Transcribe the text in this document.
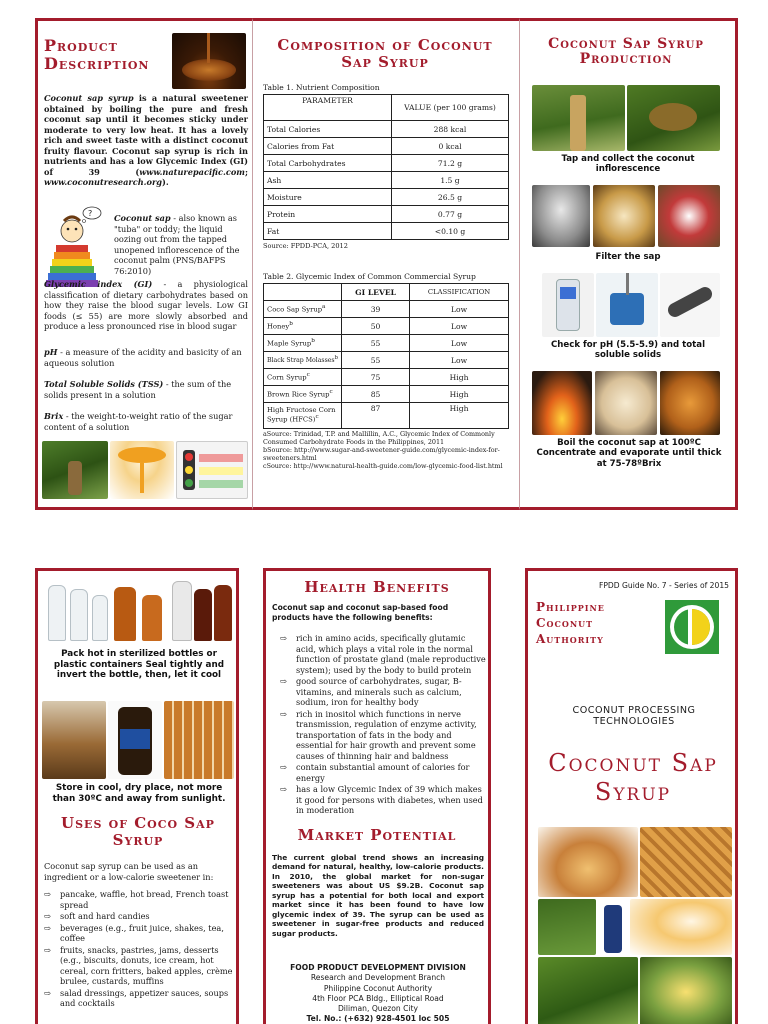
Product Description
Coconut sap syrup is a natural sweetener obtained by boiling the pure and fresh coconut sap until it becomes sticky under moderate to very low heat. It has a lovely rich and sweet taste with a distinct coconut fruity flavour. Coconut sap syrup is rich in nutrients and has a low Glycemic Index (GI) of 39 (www.naturepacific.com; www.coconutresearch.org).
?	Coconut sap - also known as "tuba" or toddy; the liquid oozing out from the tapped unopened inflorescence of the coconut palm (PNS/BAFPS 76:2010)
Glycemic index (GI) - a physiological classification of dietary carbohydrates based on how they raise the blood sugar levels. Low GI foods (≤ 55) are more slowly absorbed and produce a less pronounced rise in blood sugar
pH - a measure of the acidity and basicity of an aqueous solution
Total Soluble Solids (TSS) - the sum of the solids present in a solution
Brix - the weight-to-weight ratio of the sugar content of a solution
Composition of Coconut Sap Syrup
Table 1. Nutrient Composition
PARAMETER	VALUE (per 100 grams)
Total Calories	288 kcal
Calories from Fat	0 kcal
Total Carbohydrates	71.2 g
Ash	1.5 g
Moisture	26.5 g
Protein	0.77 g
Fat	<0.10 g
Source: FPDD-PCA, 2012
Table 2. Glycemic Index of Common Commercial Syrup
	GI LEVEL	CLASSIFICATION
Coco Sap Syrup$^a$	39	Low
Honey$^b$	50	Low
Maple Syrup$^b$	55	Low
Black Strap Molasses$^b$	55	Low
Corn Syrup$^c$	75	High
Brown Rice Syrup$^c$	85	High
High Fructose Corn Syrup (HFCS)$^c$	87	High
aSource: Trinidad, T.P. and Mallillin, A.C., Glycemic Index of Commonly Consumed Carbohydrate Foods in the Philippines, 2011
bSource: http://www.sugar-and-sweetener-guide.com/glycemic-index-for-sweeteners.html
cSource: http://www.natural-health-guide.com/low-glycemic-food-list.html
Coconut Sap Syrup Production
Tap and collect the coconut inflorescence
Filter the sap
Check for pH (5.5-5.9) and total soluble solids
Boil the coconut sap at 100ºC Concentrate and evaporate until thick at 75-78ºBrix
Pack hot in sterilized bottles or plastic containers Seal tightly and invert the bottle, then, let it cool
Store in cool, dry place, not more than 30ºC and away from sunlight.
Uses of Coco Sap Syrup
Coconut sap syrup can be used as an ingredient or a low-calorie sweetener in:
⇨ pancake, waffle, hot bread, French toast spread
⇨ soft and hard candies
⇨ beverages (e.g., fruit juice, shakes, tea, coffee
⇨ fruits, snacks, pastries, jams, desserts (e.g., biscuits, donuts, ice cream, hot cereal, corn fritters, baked apples, crème brulee, custards, muffins
⇨ salad dressings, appetizer sauces, soups and cocktails
Health Benefits
Coconut sap and coconut sap-based food products have the following benefits:
⇨ rich in amino acids, specifically glutamic acid, which plays a vital role in the normal function of prostate gland (male reproductive system); used by the body to build protein
⇨ good source of carbohydrates, sugar, B-vitamins, and minerals such as calcium, sodium, iron for healthy body
⇨ rich in inositol which functions in nerve transmission, regulation of enzyme activity, transportation of fats in the body and essential for hair growth and prevent some causes of thinning hair and baldness
⇨ contain substantial amount of calories for energy
⇨ has a low Glycemic Index of 39 which makes it good for persons with diabetes, when used in moderation
Market Potential
The current global trend shows an increasing demand for natural, healthy, low-calorie products. In 2010, the global market for non-sugar sweeteners was about US $9.2B. Coconut sap syrup has a potential for both local and export market since it has been found to have low glycemic index of 39. The syrup can be used as sweetener in sugar-free products and reduced sugar products.
FOOD PRODUCT DEVELOPMENT DIVISION
Research and Development Branch
Philippine Coconut Authority
4th Floor PCA Bldg., Elliptical Road
Diliman, Quezon City
Tel. No.: (+632) 928-4501 loc 505
FPDD Guide No. 7 - Series of 2015
Philippine Coconut Authority
COCONUT PROCESSING TECHNOLOGIES
Coconut Sap Syrup
